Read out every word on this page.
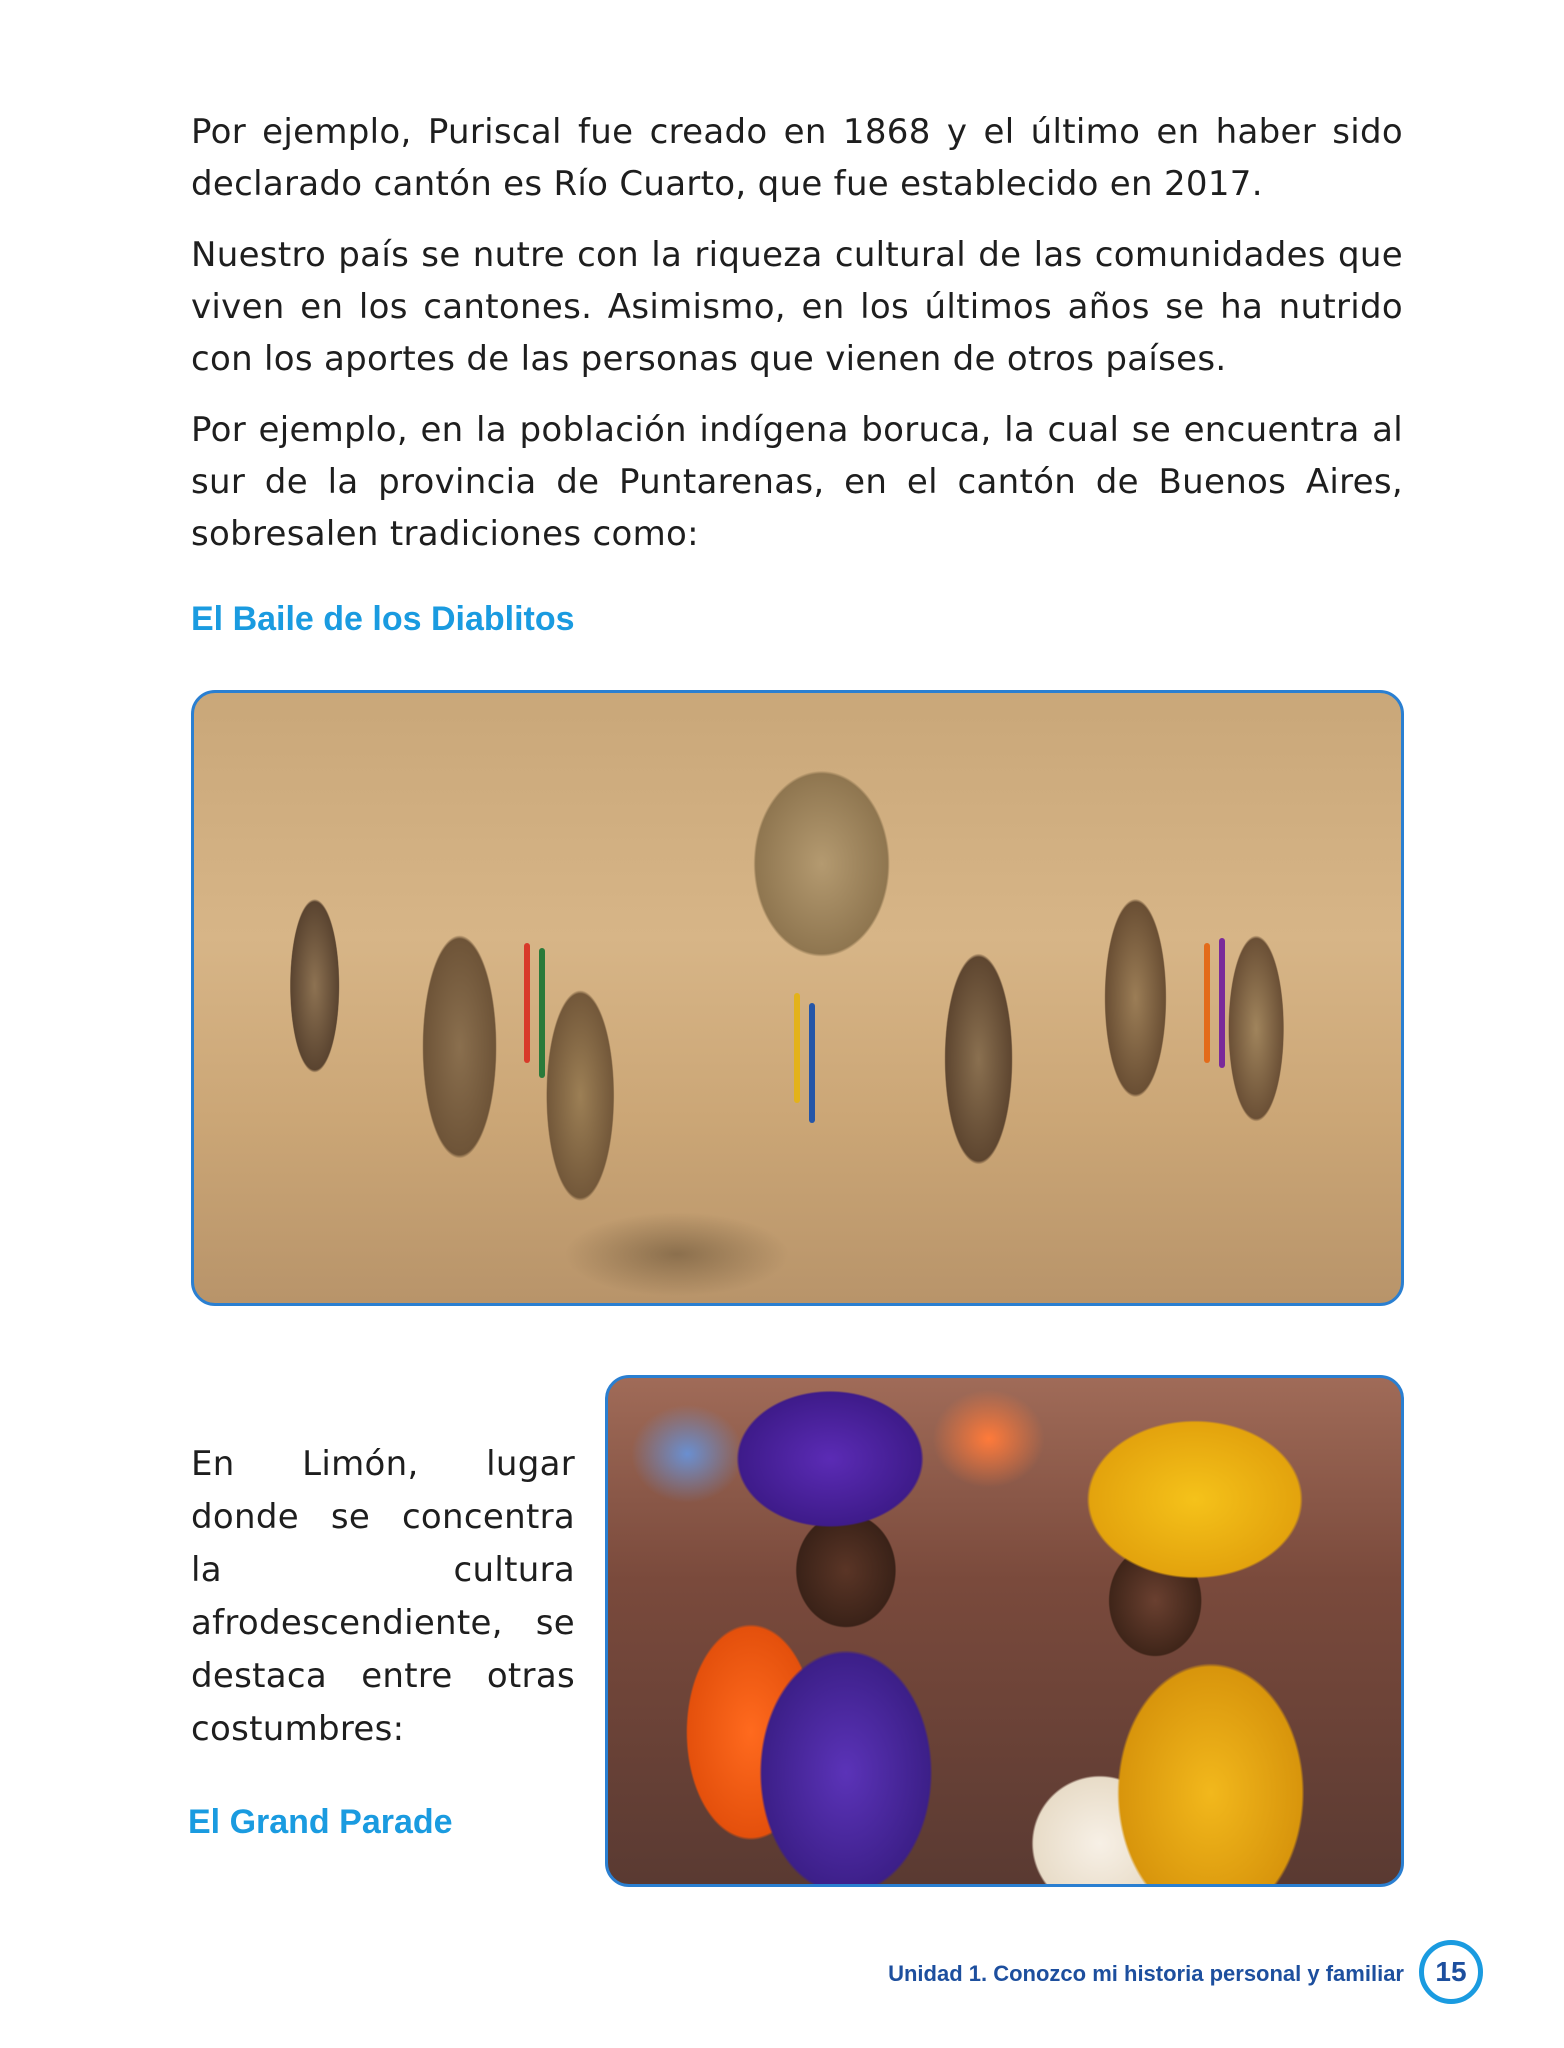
Por ejemplo, Puriscal fue creado en 1868 y el último en haber sido declarado cantón es Río Cuarto, que fue establecido en 2017.

Nuestro país se nutre con la riqueza cultural de las comunidades que viven en los cantones. Asimismo, en los últimos años se ha nutrido con los aportes de las personas que vienen de otros países.

Por ejemplo, en la población indígena boruca, la cual se encuentra al sur de la provincia de Puntarenas, en el cantón de Buenos Aires, sobresalen tradiciones como:

El Baile de los Diablitos

En Limón, lugar donde se concentra la cultura afrodescendiente, se destaca entre otras costumbres:

El Grand Parade

Unidad 1. Conozco mi historia personal y familiar	15
